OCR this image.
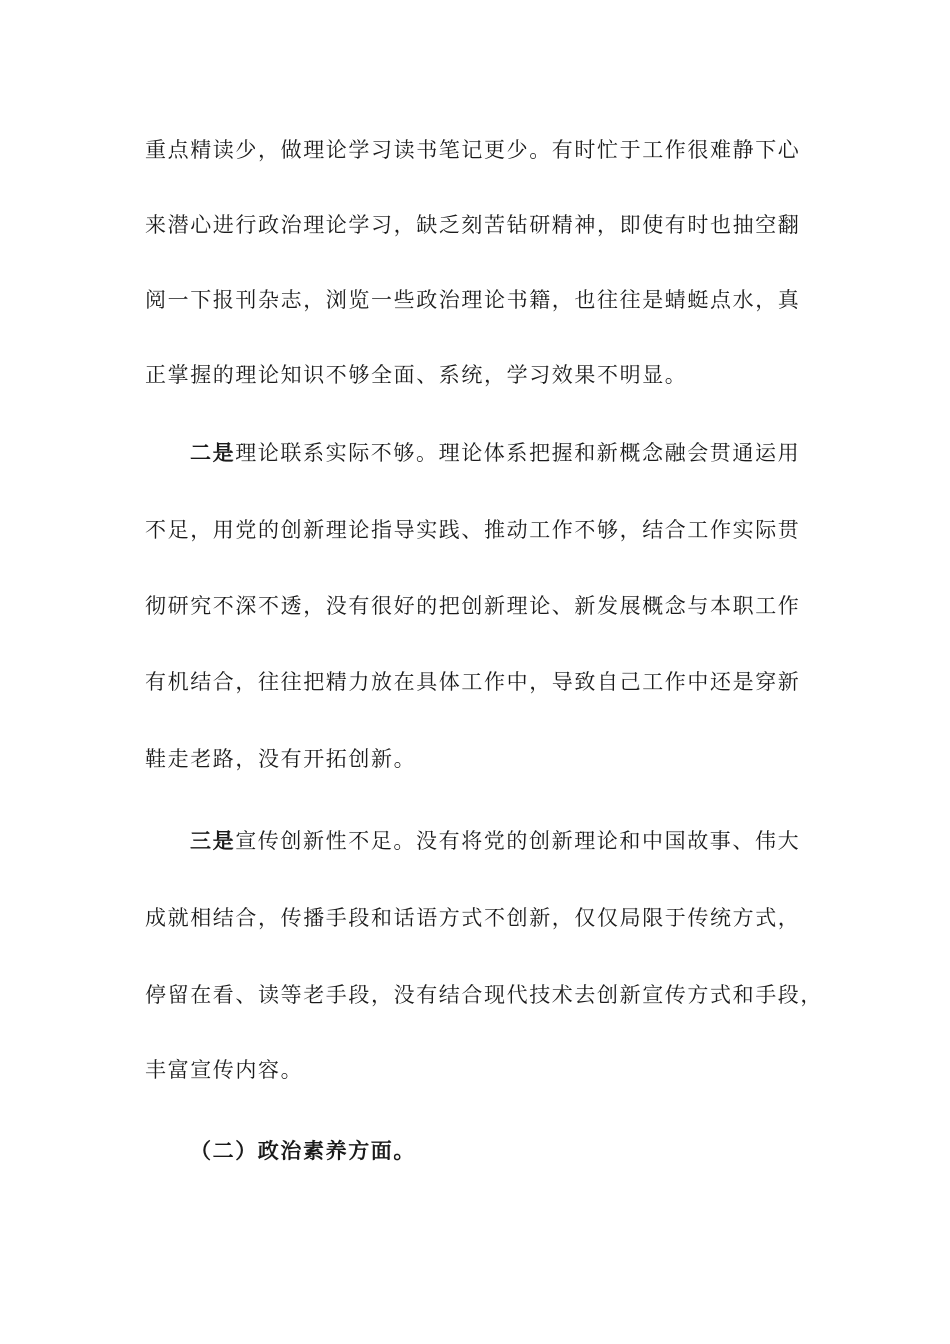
重点精读少，做理论学习读书笔记更少。有时忙于工作很难静下心
来潜心进行政治理论学习，缺乏刻苦钻研精神，即使有时也抽空翻
阅一下报刊杂志，浏览一些政治理论书籍，也往往是蜻蜓点水，真
正掌握的理论知识不够全面、系统，学习效果不明显。
二是理论联系实际不够。理论体系把握和新概念融会贯通运用
不足，用党的创新理论指导实践、推动工作不够，结合工作实际贯
彻研究不深不透，没有很好的把创新理论、新发展概念与本职工作
有机结合，往往把精力放在具体工作中，导致自己工作中还是穿新
鞋走老路，没有开拓创新。
三是宣传创新性不足。没有将党的创新理论和中国故事、伟大
成就相结合，传播手段和话语方式不创新，仅仅局限于传统方式，
停留在看、读等老手段，没有结合现代技术去创新宣传方式和手段，
丰富宣传内容。
（二）政治素养方面。
